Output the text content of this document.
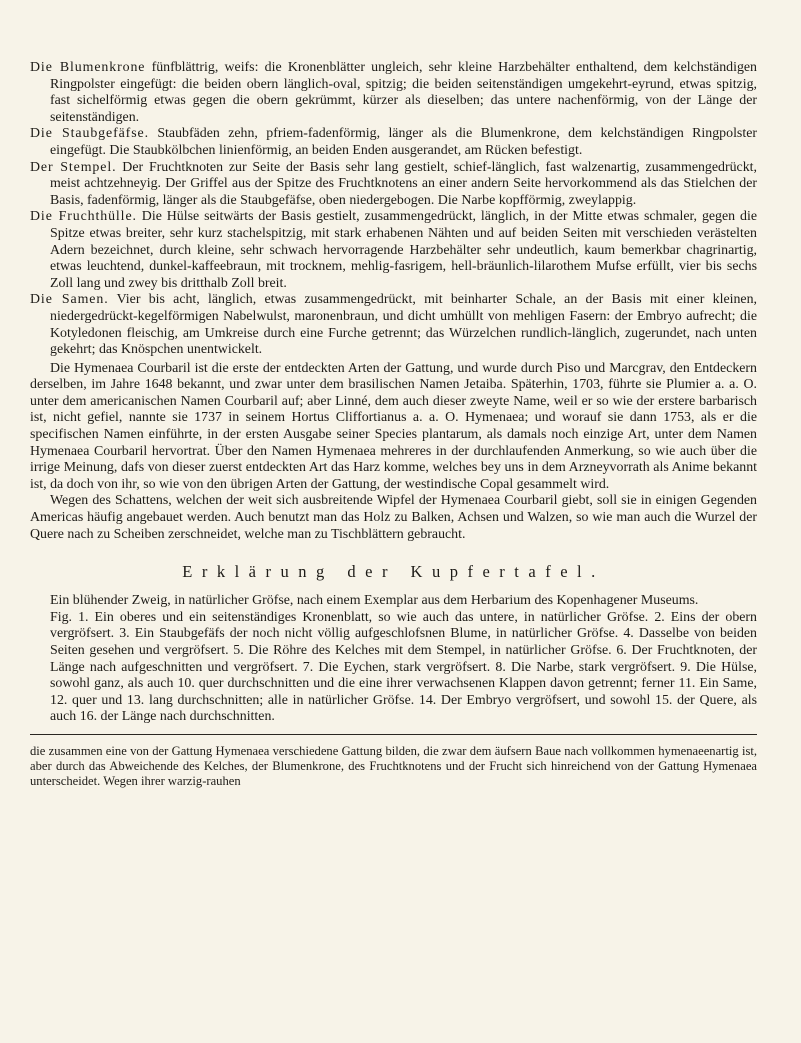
Die Blumenkrone fünfblättrig, weifs: die Kronenblätter ungleich, sehr kleine Harzbehälter enthaltend, dem kelchständigen Ringpolster eingefügt: die beiden obern länglich-oval, spitzig; die beiden seitenständigen umgekehrt-eyrund, etwas spitzig, fast sichelförmig etwas gegen die obern gekrümmt, kürzer als dieselben; das untere nachenförmig, von der Länge der seitenständigen.

Die Staubgefäfse. Staubfäden zehn, pfriem-fadenförmig, länger als die Blumenkrone, dem kelchständigen Ringpolster eingefügt. Die Staubkölbchen linienförmig, an beiden Enden ausgerandet, am Rücken befestigt.

Der Stempel. Der Fruchtknoten zur Seite der Basis sehr lang gestielt, schief-länglich, fast walzenartig, zusammengedrückt, meist achtzehneyig. Der Griffel aus der Spitze des Fruchtknotens an einer andern Seite hervorkommend als das Stielchen der Basis, fadenförmig, länger als die Staubgefäfse, oben niedergebogen. Die Narbe kopfförmig, zweylappig.

Die Fruchthülle. Die Hülse seitwärts der Basis gestielt, zusammengedrückt, länglich, in der Mitte etwas schmaler, gegen die Spitze etwas breiter, sehr kurz stachelspitzig, mit stark erhabenen Nähten und auf beiden Seiten mit verschieden verästelten Adern bezeichnet, durch kleine, sehr schwach hervorragende Harzbehälter sehr undeutlich, kaum bemerkbar chagrinartig, etwas leuchtend, dunkel-kaffeebraun, mit trocknem, mehlig-fasrigem, hell-bräunlich-lilarothem Mufse erfüllt, vier bis sechs Zoll lang und zwey bis dritthalb Zoll breit.

Die Samen. Vier bis acht, länglich, etwas zusammengedrückt, mit beinharter Schale, an der Basis mit einer kleinen, niedergedrückt-kegelförmigen Nabelwulst, maronenbraun, und dicht umhüllt von mehligen Fasern: der Embryo aufrecht; die Kotyledonen fleischig, am Umkreise durch eine Furche getrennt; das Würzelchen rundlich-länglich, zugerundet, nach unten gekehrt; das Knöspchen unentwickelt.

Die Hymenaea Courbaril ist die erste der entdeckten Arten der Gattung, und wurde durch Piso und Marcgrav, den Entdeckern derselben, im Jahre 1648 bekannt, und zwar unter dem brasilischen Namen Jetaiba. Späterhin, 1703, führte sie Plumier a. a. O. unter dem americanischen Namen Courbaril auf; aber Linné, dem auch dieser zweyte Name, weil er so wie der erstere barbarisch ist, nicht gefiel, nannte sie 1737 in seinem Hortus Cliffortianus a. a. O. Hymenaea; und worauf sie dann 1753, als er die specifischen Namen einführte, in der ersten Ausgabe seiner Species plantarum, als damals noch einzige Art, unter dem Namen Hymenaea Courbaril hervortrat. Über den Namen Hymenaea mehreres in der durchlaufenden Anmerkung, so wie auch über die irrige Meinung, dafs von dieser zuerst entdeckten Art das Harz komme, welches bey uns in dem Arzneyvorrath als Anime bekannt ist, da doch von ihr, so wie von den übrigen Arten der Gattung, der westindische Copal gesammelt wird.

Wegen des Schattens, welchen der weit sich ausbreitende Wipfel der Hymenaea Courbaril giebt, soll sie in einigen Gegenden Americas häufig angebauet werden. Auch benutzt man das Holz zu Balken, Achsen und Walzen, so wie man auch die Wurzel der Quere nach zu Scheiben zerschneidet, welche man zu Tischblättern gebraucht.

Erklärung der Kupfertafel.

Ein blühender Zweig, in natürlicher Gröfse, nach einem Exemplar aus dem Herbarium des Kopenhagener Museums.

Fig. 1. Ein oberes und ein seitenständiges Kronenblatt, so wie auch das untere, in natürlicher Gröfse. 2. Eins der obern vergröfsert. 3. Ein Staubgefäfs der noch nicht völlig aufgeschlofsnen Blume, in natürlicher Gröfse. 4. Dasselbe von beiden Seiten gesehen und vergröfsert. 5. Die Röhre des Kelches mit dem Stempel, in natürlicher Gröfse. 6. Der Fruchtknoten, der Länge nach aufgeschnitten und vergröfsert. 7. Die Eychen, stark vergröfsert. 8. Die Narbe, stark vergröfsert. 9. Die Hülse, sowohl ganz, als auch 10. quer durchschnitten und die eine ihrer verwachsenen Klappen davon getrennt; ferner 11. Ein Same, 12. quer und 13. lang durchschnitten; alle in natürlicher Gröfse. 14. Der Embryo vergröfsert, und sowohl 15. der Quere, als auch 16. der Länge nach durchschnitten.

die zusammen eine von der Gattung Hymenaea verschiedene Gattung bilden, die zwar dem äufsern Baue nach vollkommen hymenaeenartig ist, aber durch das Abweichende des Kelches, der Blumenkrone, des Fruchtknotens und der Frucht sich hinreichend von der Gattung Hymenaea unterscheidet. Wegen ihrer warzig-rauhen
